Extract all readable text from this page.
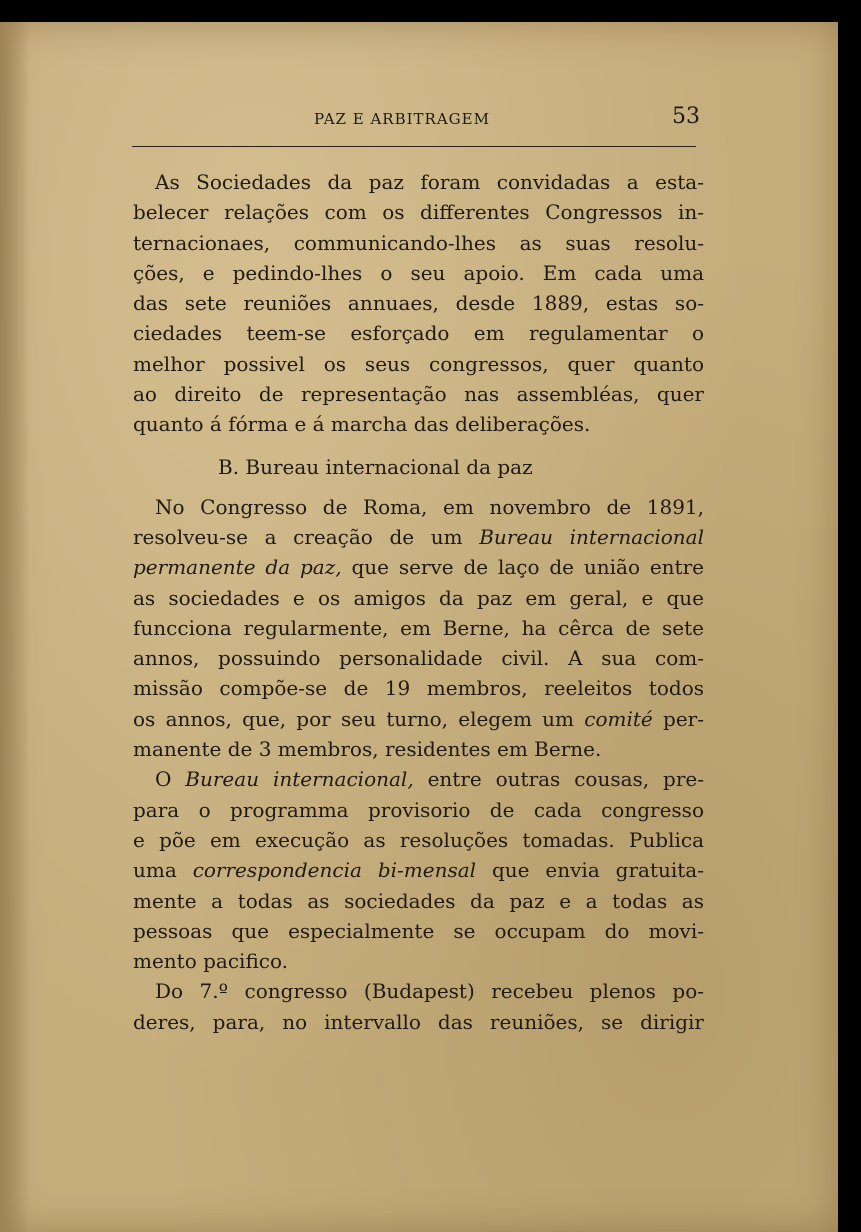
PAZ E ARBITRAGEM	53
As Sociedades da paz foram convidadas a esta-
belecer relações com os differentes Congressos in-
ternacionaes, communicando-lhes as suas resolu-
ções, e pedindo-lhes o seu apoio. Em cada uma
das sete reuniões annuaes, desde 1889, estas so-
ciedades teem-se esforçado em regulamentar o
melhor possivel os seus congressos, quer quanto
ao direito de representação nas assembléas, quer
quanto á fórma e á marcha das deliberações.
B. Bureau internacional da paz
No Congresso de Roma, em novembro de 1891,
resolveu-se a creação de um Bureau internacional
permanente da paz, que serve de laço de união entre
as sociedades e os amigos da paz em geral, e que
funcciona regularmente, em Berne, ha cêrca de sete
annos, possuindo personalidade civil. A sua com-
missão compõe-se de 19 membros, reeleitos todos
os annos, que, por seu turno, elegem um comité per-
manente de 3 membros, residentes em Berne.
O Bureau internacional, entre outras cousas, pre-
para o programma provisorio de cada congresso
e põe em execução as resoluções tomadas. Publica
uma correspondencia bi-mensal que envia gratuita-
mente a todas as sociedades da paz e a todas as
pessoas que especialmente se occupam do movi-
mento pacifico.
Do 7.º congresso (Budapest) recebeu plenos po-
deres, para, no intervallo das reuniões, se dirigir
